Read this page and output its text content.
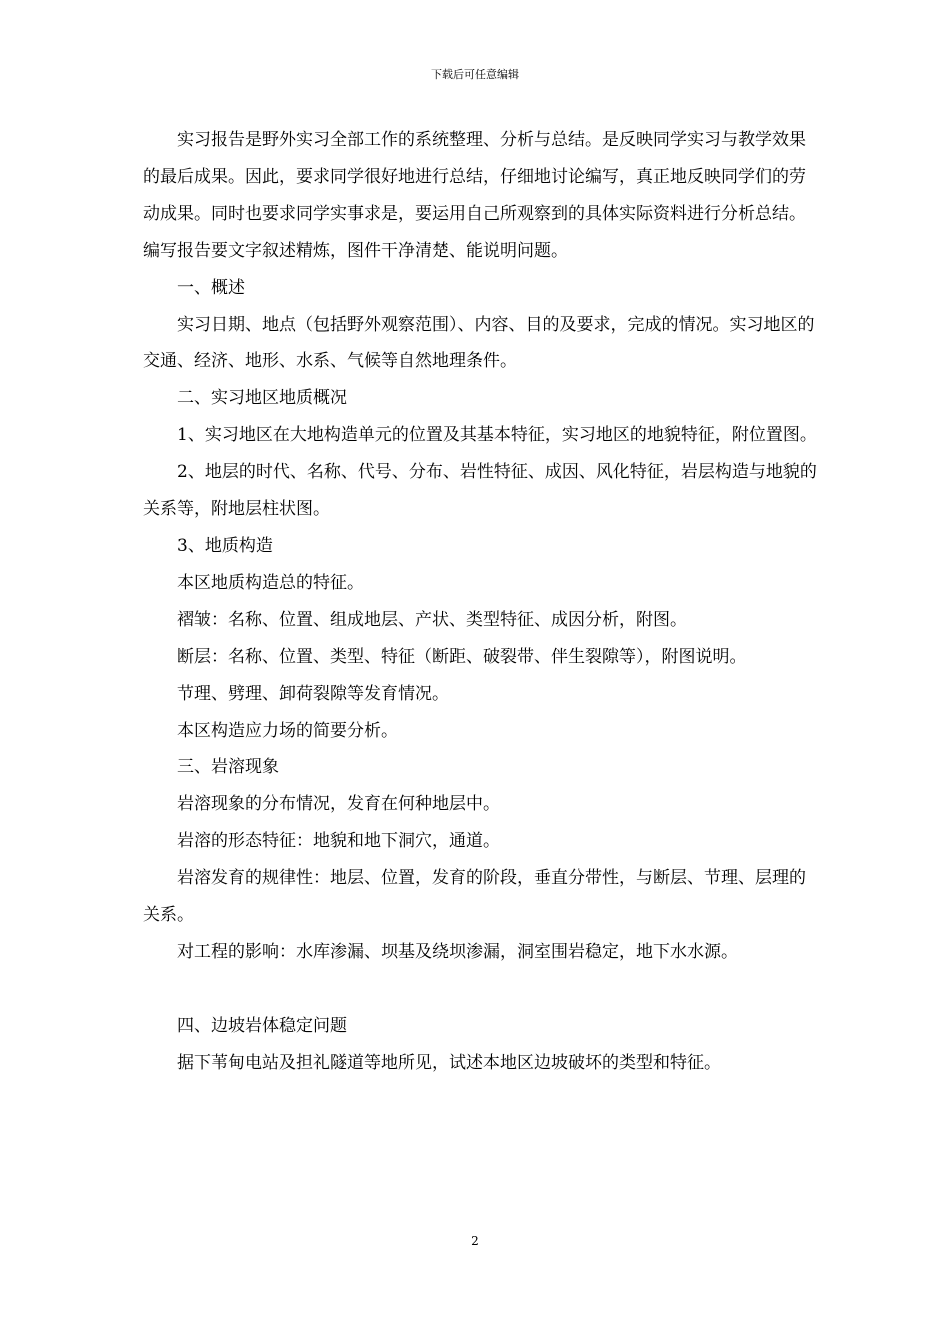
下载后可任意编辑

实习报告是野外实习全部工作的系统整理、分析与总结。是反映同学实习与教学效果的最后成果。因此，要求同学很好地进行总结，仔细地讨论编写，真正地反映同学们的劳动成果。同时也要求同学实事求是，要运用自己所观察到的具体实际资料进行分析总结。编写报告要文字叙述精炼，图件干净清楚、能说明问题。

一、概述

实习日期、地点（包括野外观察范围）、内容、目的及要求，完成的情况。实习地区的交通、经济、地形、水系、气候等自然地理条件。

二、实习地区地质概况

1、实习地区在大地构造单元的位置及其基本特征，实习地区的地貌特征，附位置图。

2、地层的时代、名称、代号、分布、岩性特征、成因、风化特征，岩层构造与地貌的关系等，附地层柱状图。

3、地质构造

本区地质构造总的特征。

褶皱：名称、位置、组成地层、产状、类型特征、成因分析，附图。

断层：名称、位置、类型、特征（断距、破裂带、伴生裂隙等），附图说明。

节理、劈理、卸荷裂隙等发育情况。

本区构造应力场的简要分析。

三、岩溶现象

岩溶现象的分布情况，发育在何种地层中。

岩溶的形态特征：地貌和地下洞穴，通道。

岩溶发育的规律性：地层、位置，发育的阶段，垂直分带性，与断层、节理、层理的关系。

对工程的影响：水库渗漏、坝基及绕坝渗漏，洞室围岩稳定，地下水水源。

四、边坡岩体稳定问题

据下苇甸电站及担礼隧道等地所见，试述本地区边坡破坏的类型和特征。

2
